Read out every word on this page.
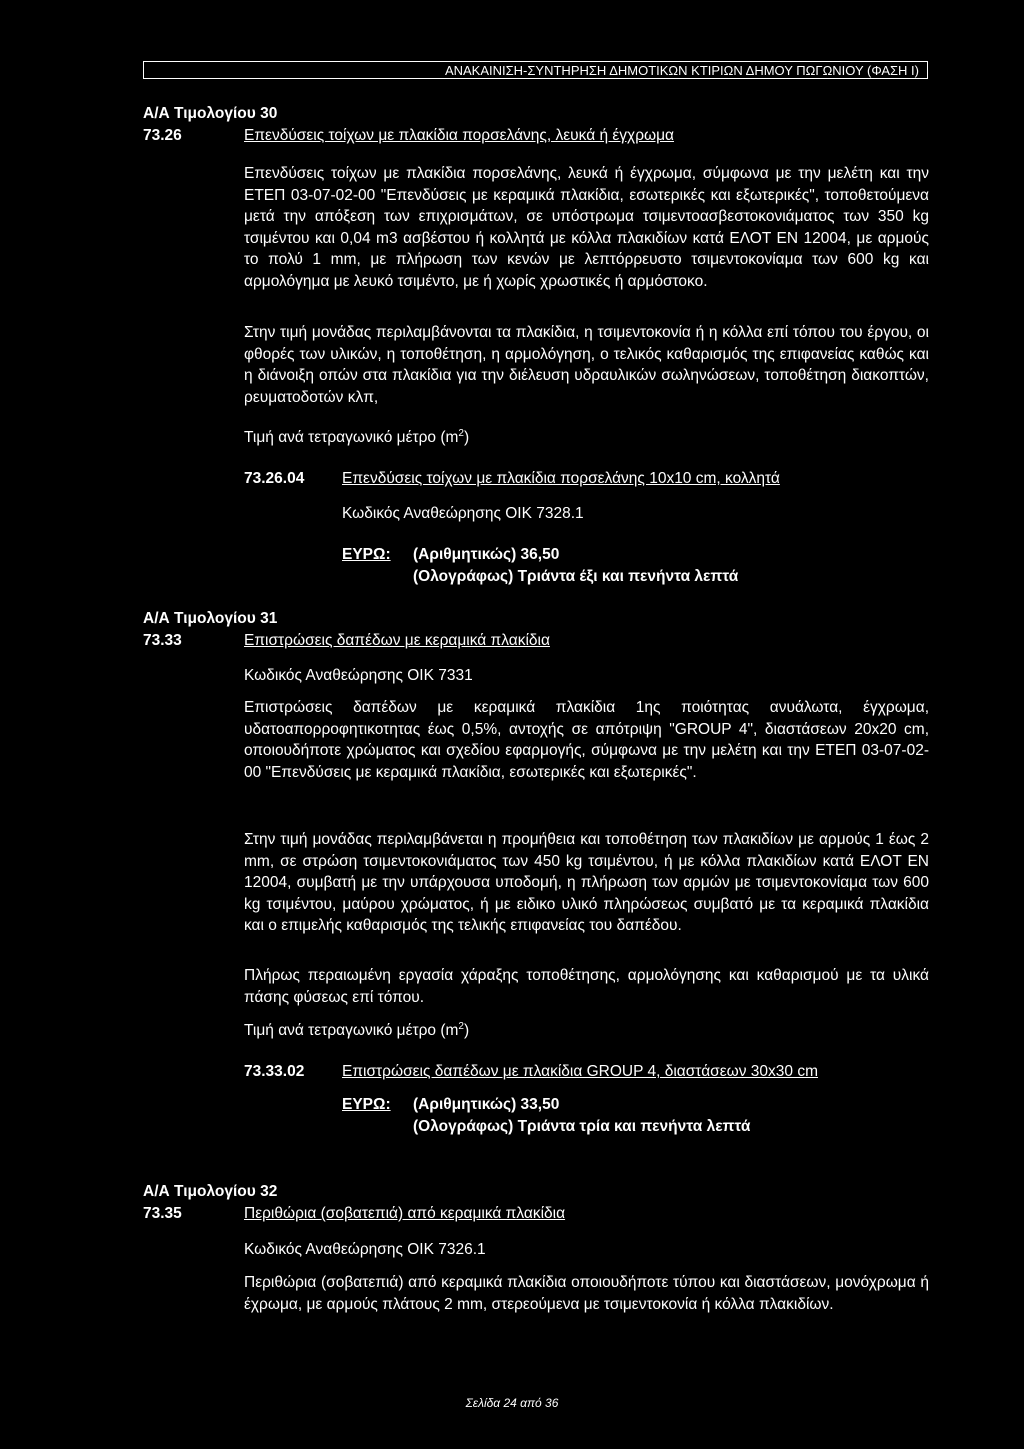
ΑΝΑΚΑΙΝΙΣΗ-ΣΥΝΤΗΡΗΣΗ ΔΗΜΟΤΙΚΩΝ ΚΤΙΡΙΩΝ ΔΗΜΟΥ ΠΩΓΩΝΙΟΥ (ΦΑΣΗ Ι)
Α/Α Τιμολογίου 30
73.26	Επενδύσεις τοίχων με πλακίδια πορσελάνης, λευκά ή έγχρωμα
Επενδύσεις τοίχων με πλακίδια πορσελάνης, λευκά ή έγχρωμα, σύμφωνα με την μελέτη και την ΕΤΕΠ 03-07-02-00 "Επενδύσεις με κεραμικά πλακίδια, εσωτερικές και εξωτερικές", τοποθετούμενα μετά την απόξεση των επιχρισμάτων, σε υπόστρωμα τσιμεντοασβεστοκονιάματος των 350 kg τσιμέντου και 0,04 m3 ασβέστου ή κολλητά με κόλλα πλακιδίων κατά ΕΛΟΤ ΕΝ 12004, με αρμούς το πολύ 1 mm, με πλήρωση των κενών με λεπτόρρευστο τσιμεντοκονίαμα των 600 kg και αρμολόγημα με λευκό τσιμέντο, με ή χωρίς χρωστικές ή αρμόστοκο.
Στην τιμή μονάδας περιλαμβάνονται τα πλακίδια, η τσιμεντοκονία ή η κόλλα επί τόπου του έργου, οι φθορές των υλικών, η τοποθέτηση, η αρμολόγηση, ο τελικός καθαρισμός της επιφανείας καθώς και η διάνοιξη οπών στα πλακίδια για την διέλευση υδραυλικών σωληνώσεων, τοποθέτηση διακοπτών, ρευματοδοτών κλπ,
Τιμή ανά τετραγωνικό μέτρο $(m^2)$
73.26.04 Επενδύσεις τοίχων με πλακίδια πορσελάνης 10x10 cm, κολλητά
Κωδικός Αναθεώρησης ΟΙΚ 7328.1
ΕΥΡΩ: (Αριθμητικώς) 36,50
(Ολογράφως) Τριάντα έξι και πενήντα λεπτά
Α/Α Τιμολογίου 31
73.33	Επιστρώσεις δαπέδων με κεραμικά πλακίδια
Κωδικός Αναθεώρησης ΟΙΚ 7331
Επιστρώσεις δαπέδων με κεραμικά πλακίδια 1ης ποιότητας ανυάλωτα, έγχρωμα, υδατοαπορροφητικοτητας έως 0,5%, αντοχής σε απότριψη "GROUP 4", διαστάσεων 20x20 cm, οποιουδήποτε χρώματος και σχεδίου εφαρμογής, σύμφωνα με την μελέτη και την ΕΤΕΠ 03-07-02-00 "Επενδύσεις με κεραμικά πλακίδια, εσωτερικές και εξωτερικές".
Στην τιμή μονάδας περιλαμβάνεται η προμήθεια και τοποθέτηση των πλακιδίων με αρμούς 1 έως 2 mm, σε στρώση τσιμεντοκονιάματος των 450 kg τσιμέντου, ή με κόλλα πλακιδίων κατά ΕΛΟΤ ΕΝ 12004, συμβατή με την υπάρχουσα υποδομή, η πλήρωση των αρμών με τσιμεντοκονίαμα των 600 kg τσιμέντου, μαύρου χρώματος, ή με ειδικο υλικό πληρώσεως συμβατό με τα κεραμικά πλακίδια και ο επιμελής καθαρισμός της τελικής επιφανείας του δαπέδου.
Πλήρως περαιωμένη εργασία χάραξης τοποθέτησης, αρμολόγησης και καθαρισμού με τα υλικά πάσης φύσεως επί τόπου.
Τιμή ανά τετραγωνικό μέτρο $(m^2)$
73.33.02 Επιστρώσεις δαπέδων με πλακίδια GROUP 4, διαστάσεων 30x30 cm
ΕΥΡΩ: (Αριθμητικώς) 33,50
(Ολογράφως) Τριάντα τρία και πενήντα λεπτά
Α/Α Τιμολογίου 32
73.35	Περιθώρια (σοβατεπιά) από κεραμικά πλακίδια
Κωδικός Αναθεώρησης ΟΙΚ 7326.1
Περιθώρια (σοβατεπιά) από κεραμικά πλακίδια οποιουδήποτε τύπου και διαστάσεων, μονόχρωμα ή έχρωμα, με αρμούς πλάτους 2 mm, στερεούμενα με τσιμεντοκονία ή κόλλα πλακιδίων.
Σελίδα 24 από 36
